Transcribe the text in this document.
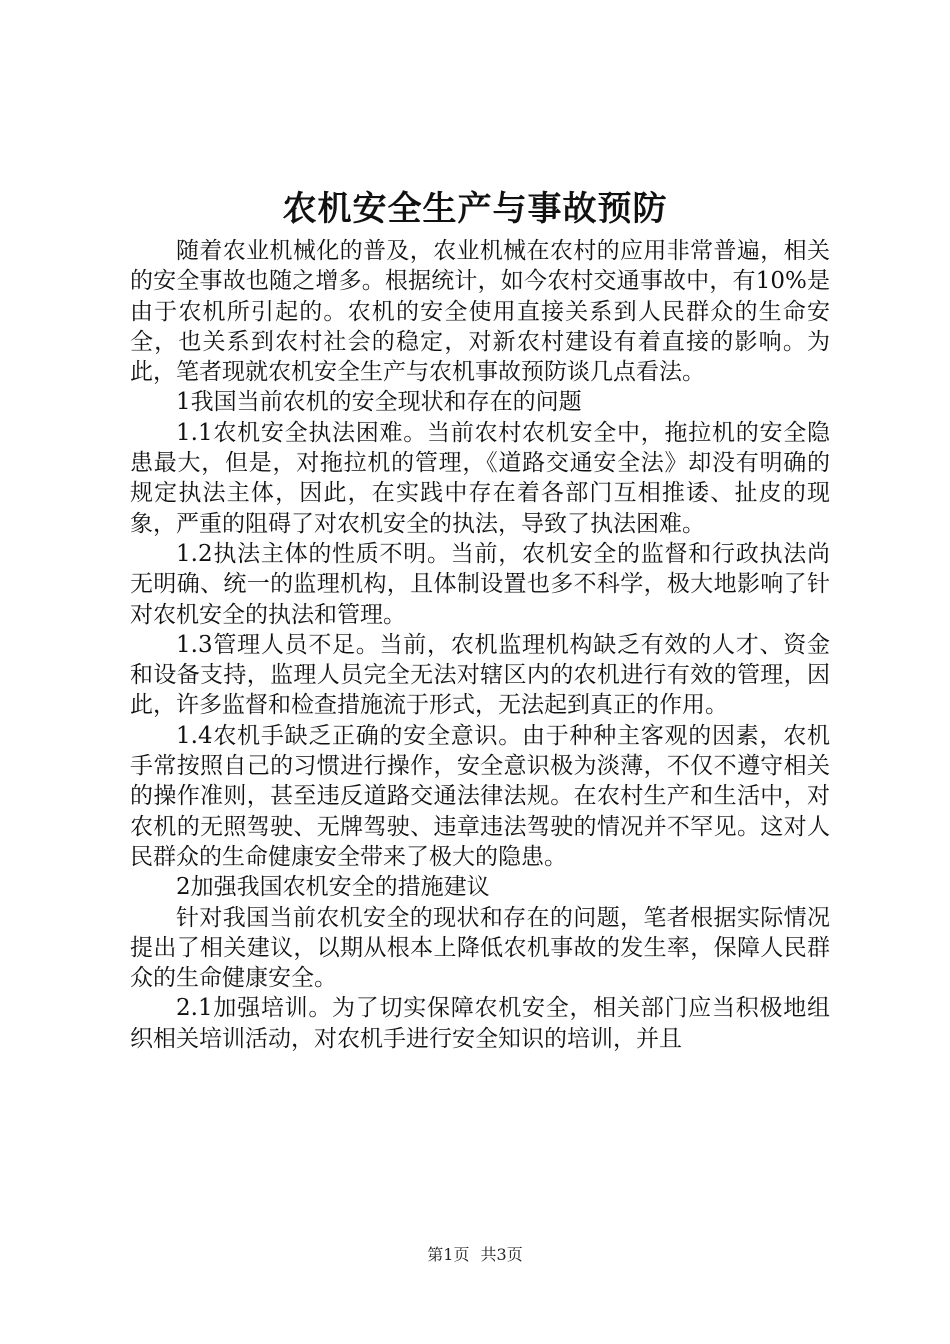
农机安全生产与事故预防

随着农业机械化的普及，农业机械在农村的应用非常普遍，相关的安全事故也随之增多。根据统计，如今农村交通事故中，有10%是由于农机所引起的。农机的安全使用直接关系到人民群众的生命安全，也关系到农村社会的稳定，对新农村建设有着直接的影响。为此，笔者现就农机安全生产与农机事故预防谈几点看法。

1我国当前农机的安全现状和存在的问题

1.1农机安全执法困难。当前农村农机安全中，拖拉机的安全隐患最大，但是，对拖拉机的管理，《道路交通安全法》却没有明确的规定执法主体，因此，在实践中存在着各部门互相推诿、扯皮的现象，严重的阻碍了对农机安全的执法，导致了执法困难。

1.2执法主体的性质不明。当前，农机安全的监督和行政执法尚无明确、统一的监理机构，且体制设置也多不科学，极大地影响了针对农机安全的执法和管理。

1.3管理人员不足。当前，农机监理机构缺乏有效的人才、资金和设备支持，监理人员完全无法对辖区内的农机进行有效的管理，因此，许多监督和检查措施流于形式，无法起到真正的作用。

1.4农机手缺乏正确的安全意识。由于种种主客观的因素，农机手常按照自己的习惯进行操作，安全意识极为淡薄，不仅不遵守相关的操作准则，甚至违反道路交通法律法规。在农村生产和生活中，对农机的无照驾驶、无牌驾驶、违章违法驾驶的情况并不罕见。这对人民群众的生命健康安全带来了极大的隐患。

2加强我国农机安全的措施建议

针对我国当前农机安全的现状和存在的问题，笔者根据实际情况提出了相关建议，以期从根本上降低农机事故的发生率，保障人民群众的生命健康安全。

2.1加强培训。为了切实保障农机安全，相关部门应当积极地组织相关培训活动，对农机手进行安全知识的培训，并且

第1页 共3页
